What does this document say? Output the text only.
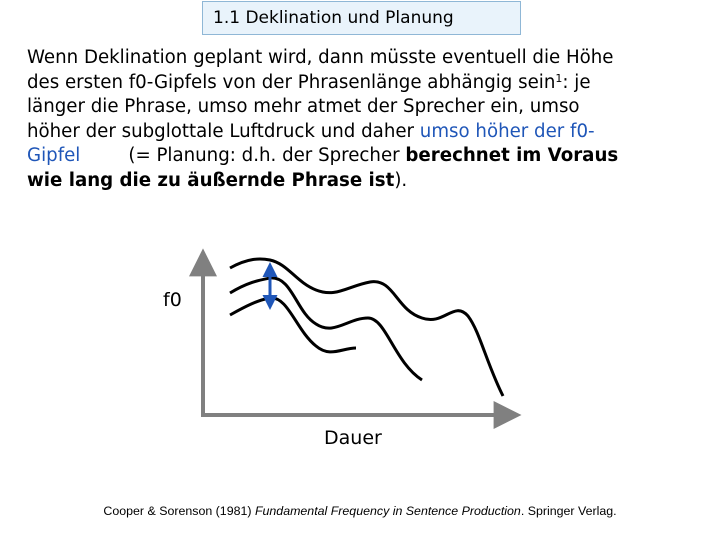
1.1 Deklination und Planung
Wenn Deklination geplant wird, dann müsste eventuell die Höhe
des ersten f0-Gipfels von der Phrasenlänge abhängig sein$^1$: je
länger die Phrase, umso mehr atmet der Sprecher ein, umso
höher der subglottale Luftdruck und daher umso höher der f0-
Gipfel	(= Planung: d.h. der Sprecher berechnet im Voraus
wie lang die zu äußernde Phrase ist).
f0
Dauer
Cooper & Sorenson (1981) Fundamental Frequency in Sentence Production. Springer Verlag.
